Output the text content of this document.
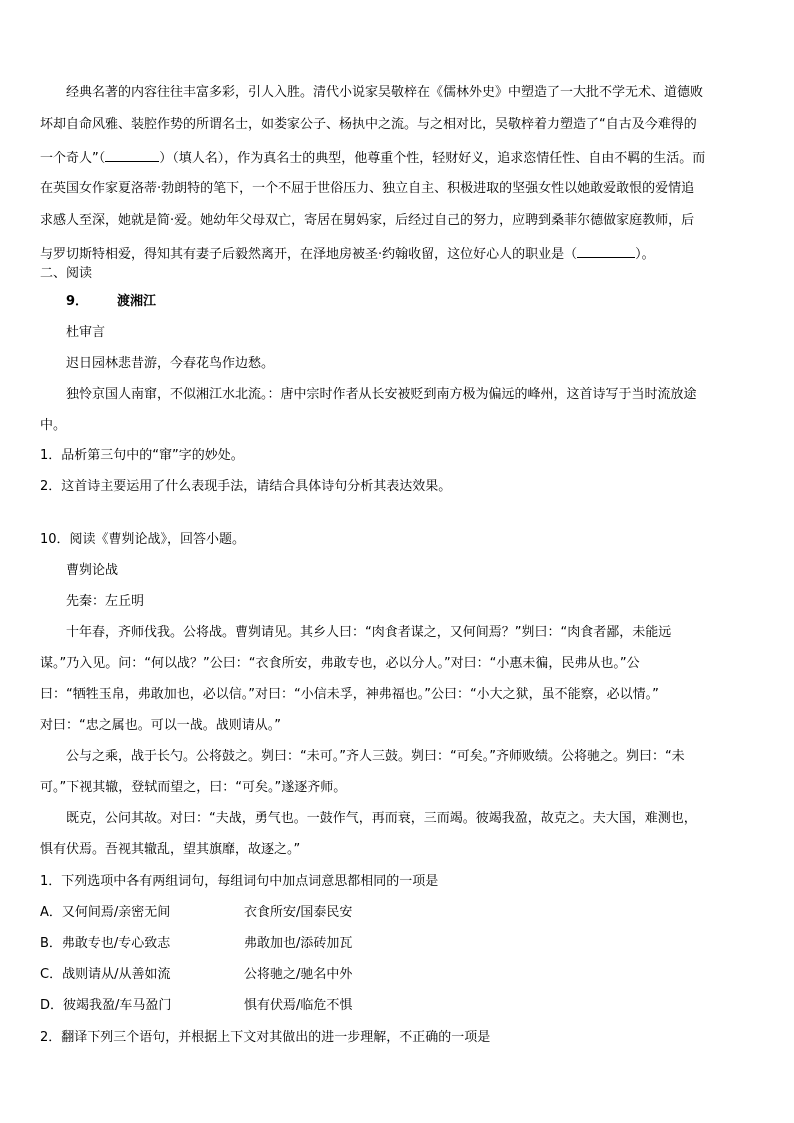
经典名著的内容往往丰富多彩，引人入胜。清代小说家吴敬梓在《儒林外史》中塑造了一大批不学无术、道德败
坏却自命风雅、装腔作势的所谓名士，如娄家公子、杨执中之流。与之相对比，吴敬梓着力塑造了“自古及今难得的
一个奇人”（	）（填人名），作为真名士的典型，他尊重个性，轻财好义，追求恣情任性、自由不羁的生活。而
在英国女作家夏洛蒂·勃朗特的笔下，一个不屈于世俗压力、独立自主、积极进取的坚强女性以她敢爱敢恨的爱情追
求感人至深，她就是简·爱。她幼年父母双亡，寄居在舅妈家，后经过自己的努力，应聘到桑菲尔德做家庭教师，后
与罗切斯特相爱，得知其有妻子后毅然离开，在泽地房被圣·约翰收留，这位好心人的职业是（	）。
二、阅读
9． 渡湘江
杜审言
迟日园林悲昔游，今春花鸟作边愁。
独怜京国人南窜，不似湘江水北流。：唐中宗时作者从长安被贬到南方极为偏远的峰州，这首诗写于当时流放途
中。
1．品析第三句中的“窜”字的妙处。
2．这首诗主要运用了什么表现手法，请结合具体诗句分析其表达效果。
10．阅读《曹刿论战》，回答小题。
曹刿论战
先秦：左丘明
十年春，齐师伐我。公将战。曹刿请见。其乡人曰：“肉食者谋之，又何间焉？”刿曰：“肉食者鄙，未能远
谋。”乃入见。问：“何以战？”公曰：“衣食所安，弗敢专也，必以分人。”对曰：“小惠未徧，民弗从也。”公
曰：“牺牲玉帛，弗敢加也，必以信。”对曰：“小信未孚，神弗福也。”公曰：“小大之狱，虽不能察，必以情。”
对曰：“忠之属也。可以一战。战则请从。”
公与之乘，战于长勺。公将鼓之。刿曰：“未可。”齐人三鼓。刿曰：“可矣。”齐师败绩。公将驰之。刿曰：“未
可。”下视其辙，登轼而望之，曰：“可矣。”遂逐齐师。
既克，公问其故。对曰：“夫战，勇气也。一鼓作气，再而衰，三而竭。彼竭我盈，故克之。夫大国，难测也，
惧有伏焉。吾视其辙乱，望其旗靡，故逐之。”
1．下列选项中各有两组词句，每组词句中加点词意思都相同的一项是
A．又何间焉/亲密无间	衣食所安/国泰民安
B．弗敢专也/专心致志	弗敢加也/添砖加瓦
C．战则请从/从善如流	公将驰之/驰名中外
D．彼竭我盈/车马盈门	惧有伏焉/临危不惧
2．翻译下列三个语句，并根据上下文对其做出的进一步理解，不正确的一项是
